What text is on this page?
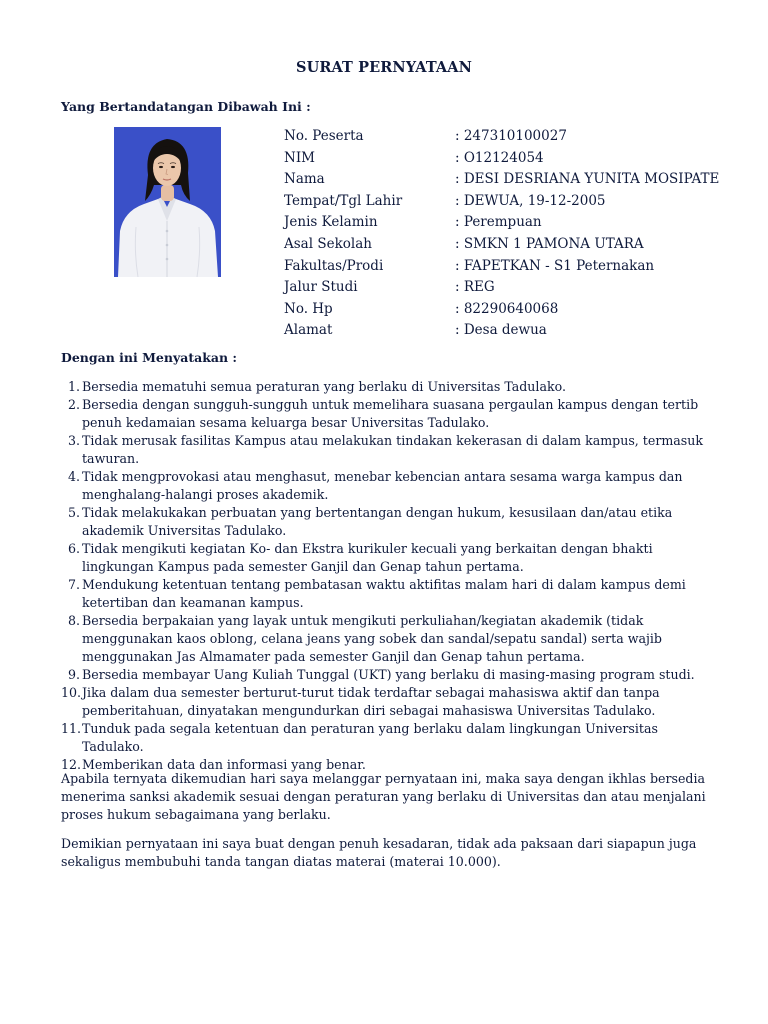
SURAT PERNYATAAN
Yang Bertandatangan Dibawah Ini :
No. Peserta	: 247310100027
NIM	: O12124054
Nama	: DESI DESRIANA YUNITA MOSIPATE
Tempat/Tgl Lahir	: DEWUA, 19-12-2005
Jenis Kelamin	: Perempuan
Asal Sekolah	: SMKN 1 PAMONA UTARA
Fakultas/Prodi	: FAPETKAN - S1 Peternakan
Jalur Studi	: REG
No. Hp	: 82290640068
Alamat	: Desa dewua
Dengan ini Menyatakan :
1. Bersedia mematuhi semua peraturan yang berlaku di Universitas Tadulako.
2. Bersedia dengan sungguh-sungguh untuk memelihara suasana pergaulan kampus dengan tertib penuh kedamaian sesama keluarga besar Universitas Tadulako.
3. Tidak merusak fasilitas Kampus atau melakukan tindakan kekerasan di dalam kampus, termasuk tawuran.
4. Tidak mengprovokasi atau menghasut, menebar kebencian antara sesama warga kampus dan menghalang-halangi proses akademik.
5. Tidak melakukakan perbuatan yang bertentangan dengan hukum, kesusilaan dan/atau etika akademik Universitas Tadulako.
6. Tidak mengikuti kegiatan Ko- dan Ekstra kurikuler kecuali yang berkaitan dengan bhakti lingkungan Kampus pada semester Ganjil dan Genap tahun pertama.
7. Mendukung ketentuan tentang pembatasan waktu aktifitas malam hari di dalam kampus demi ketertiban dan keamanan kampus.
8. Bersedia berpakaian yang layak untuk mengikuti perkuliahan/kegiatan akademik (tidak menggunakan kaos oblong, celana jeans yang sobek dan sandal/sepatu sandal) serta wajib menggunakan Jas Almamater pada semester Ganjil dan Genap tahun pertama.
9. Bersedia membayar Uang Kuliah Tunggal (UKT) yang berlaku di masing-masing program studi.
10. Jika dalam dua semester berturut-turut tidak terdaftar sebagai mahasiswa aktif dan tanpa pemberitahuan, dinyatakan mengundurkan diri sebagai mahasiswa Universitas Tadulako.
11. Tunduk pada segala ketentuan dan peraturan yang berlaku dalam lingkungan Universitas Tadulako.
12. Memberikan data dan informasi yang benar.

Apabila ternyata dikemudian hari saya melanggar pernyataan ini, maka saya dengan ikhlas bersedia menerima sanksi akademik sesuai dengan peraturan yang berlaku di Universitas dan atau menjalani proses hukum sebagaimana yang berlaku.

Demikian pernyataan ini saya buat dengan penuh kesadaran, tidak ada paksaan dari siapapun juga sekaligus membubuhi tanda tangan diatas materai (materai 10.000).
